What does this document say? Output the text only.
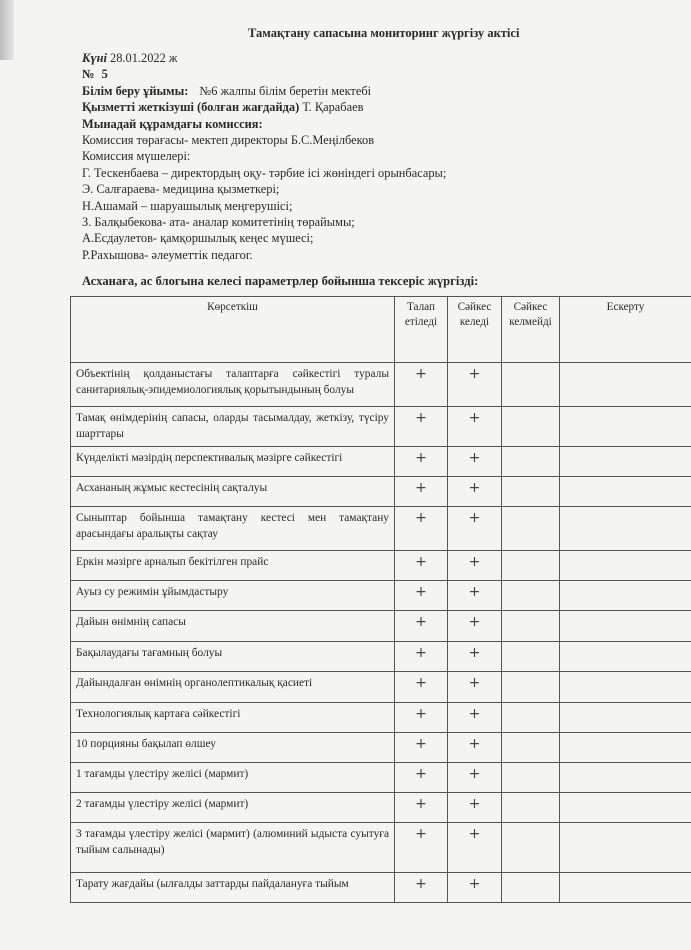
Тамақтану сапасына мониторинг жүргізу актісі
Күні 28.01.2022 ж
№ 5
Білім беру ұйымы: №6 жалпы білім беретін мектебі
Қызметті жеткізуші (болған жағдайда) Т. Қарабаев
Мынадай құрамдағы комиссия:
Комиссия төрағасы- мектеп директоры Б.С.Меңілбеков
Комиссия мүшелері:
Г. Тескенбаева – директордың оқу- тәрбие ісі жөніндегі орынбасары;
Э. Салғараева- медицина қызметкері;
Н.Ашамай – шаруашылық меңгерушісі;
З. Балқыбекова- ата- аналар комитетінің төрайымы;
А.Есдаулетов- қамқоршылық кеңес мүшесі;
Р.Рахышова- әлеуметтік педагог.
Асханаға, ас блогына келесі параметрлер бойынша тексеріс жүргізді:
Көрсеткіш	Талап етіледі	Сәйкес келеді	Сәйкес келмейді	Ескерту
Объектінің қолданыстағы талаптарға сәйкестігі туралы санитариялық-эпидемиологиялық қорытындының болуы	+	+		
Тамақ өнімдерінің сапасы, оларды тасымалдау, жеткізу, түсіру шарттары	+	+		
Күнделікті мәзірдің перспективалық мәзірге сәйкестігі	+	+		
Асхананың жұмыс кестесінің сақталуы	+	+		
Сыныптар бойынша тамақтану кестесі мен тамақтану арасындағы аралықты сақтау	+	+		
Еркін мәзірге арналып бекітілген прайс	+	+		
Ауыз су режимін ұйымдастыру	+	+		
Дайын өнімнің сапасы	+	+		
Бақылаудағы тағамның болуы	+	+		
Дайындалған өнімнің органолептикалық қасиеті	+	+		
Технологиялық картаға сәйкестігі	+	+		
10 порцияны бақылап өлшеу	+	+		
1 тағамды үлестіру желісі (мармит)	+	+		
2 тағамды үлестіру желісі (мармит)	+	+		
3 тағамды үлестіру желісі (мармит) (алюминий ыдыста суытуға тыйым салынады)	+	+		
Тарату жағдайы (ылғалды заттарды пайдалануға тыйым	+	+		
